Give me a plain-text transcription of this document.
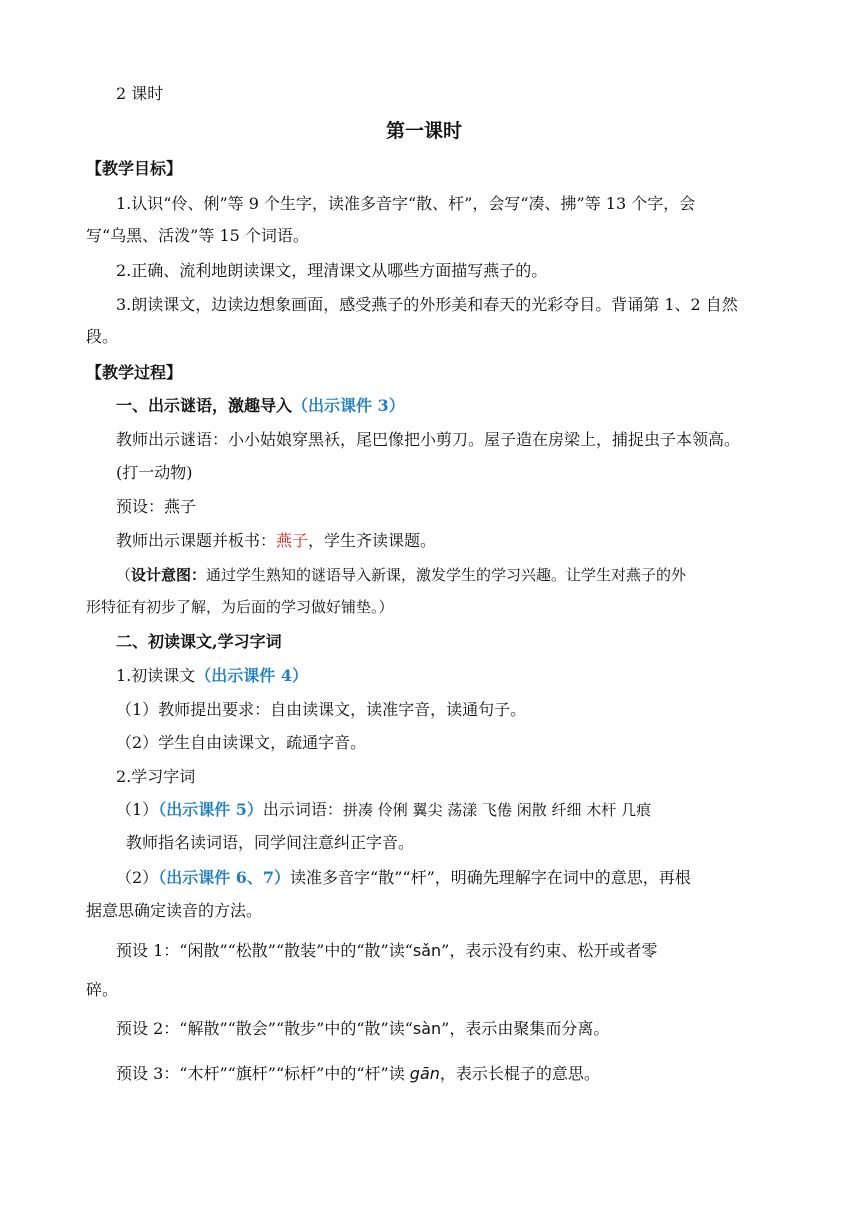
2 课时
第一课时
【教学目标】
1.认识“伶、俐”等 9 个生字，读准多音字“散、杆”，会写“凑、拂”等 13 个字，会
写“乌黑、活泼”等 15 个词语。
2.正确、流利地朗读课文，理清课文从哪些方面描写燕子的。
3.朗读课文，边读边想象画面，感受燕子的外形美和春天的光彩夺目。背诵第 1、2 自然
段。
【教学过程】
一、出示谜语，激趣导入（出示课件 3）
教师出示谜语：小小姑娘穿黑袄，尾巴像把小剪刀。屋子造在房梁上，捕捉虫子本领高。
(打一动物)
预设：燕子
教师出示课题并板书：燕子，学生齐读课题。
（设计意图：通过学生熟知的谜语导入新课，激发学生的学习兴趣。让学生对燕子的外
形特征有初步了解，为后面的学习做好铺垫。）
二、初读课文,学习字词
1.初读课文（出示课件 4）
（1）教师提出要求：自由读课文，读准字音，读通句子。
（2）学生自由读课文，疏通字音。
2.学习字词
（1）（出示课件 5）出示词语：拼凑 伶俐 翼尖 荡漾 飞倦 闲散 纤细 木杆 几痕
教师指名读词语，同学间注意纠正字音。
（2）（出示课件 6、7）读准多音字“散”“杆”，明确先理解字在词中的意思，再根
据意思确定读音的方法。
预设 1：“闲散”“松散”“散装”中的“散”读“sǎn”，表示没有约束、松开或者零
碎。
预设 2：“解散”“散会”“散步”中的“散”读“sàn”，表示由聚集而分离。
预设 3：“木杆”“旗杆”“标杆”中的“杆”读 gān，表示长棍子的意思。
